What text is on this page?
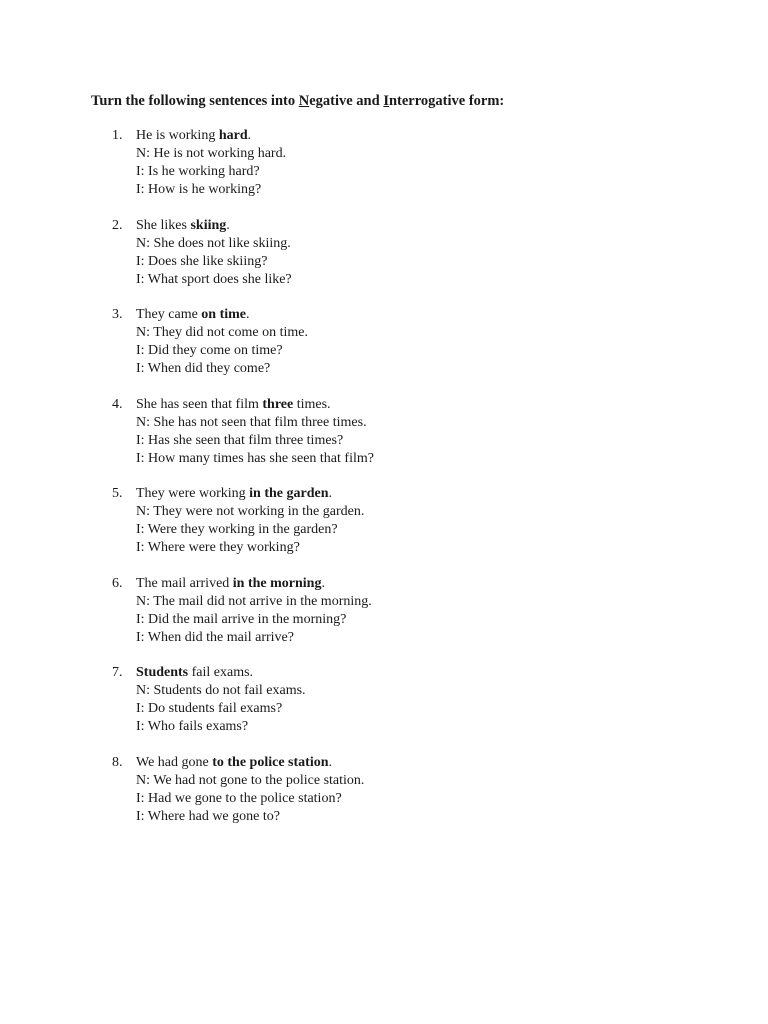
Turn the following sentences into Negative and Interrogative form:

1. He is working hard.
N: He is not working hard.
I: Is he working hard?
I: How is he working?
2. She likes skiing.
N: She does not like skiing.
I: Does she like skiing?
I: What sport does she like?
3. They came on time.
N: They did not come on time.
I: Did they come on time?
I: When did they come?
4. She has seen that film three times.
N: She has not seen that film three times.
I: Has she seen that film three times?
I: How many times has she seen that film?
5. They were working in the garden.
N: They were not working in the garden.
I: Were they working in the garden?
I: Where were they working?
6. The mail arrived in the morning.
N: The mail did not arrive in the morning.
I: Did the mail arrive in the morning?
I: When did the mail arrive?
7. Students fail exams.
N: Students do not fail exams.
I: Do students fail exams?
I: Who fails exams?
8. We had gone to the police station.
N: We had not gone to the police station.
I: Had we gone to the police station?
I: Where had we gone to?
